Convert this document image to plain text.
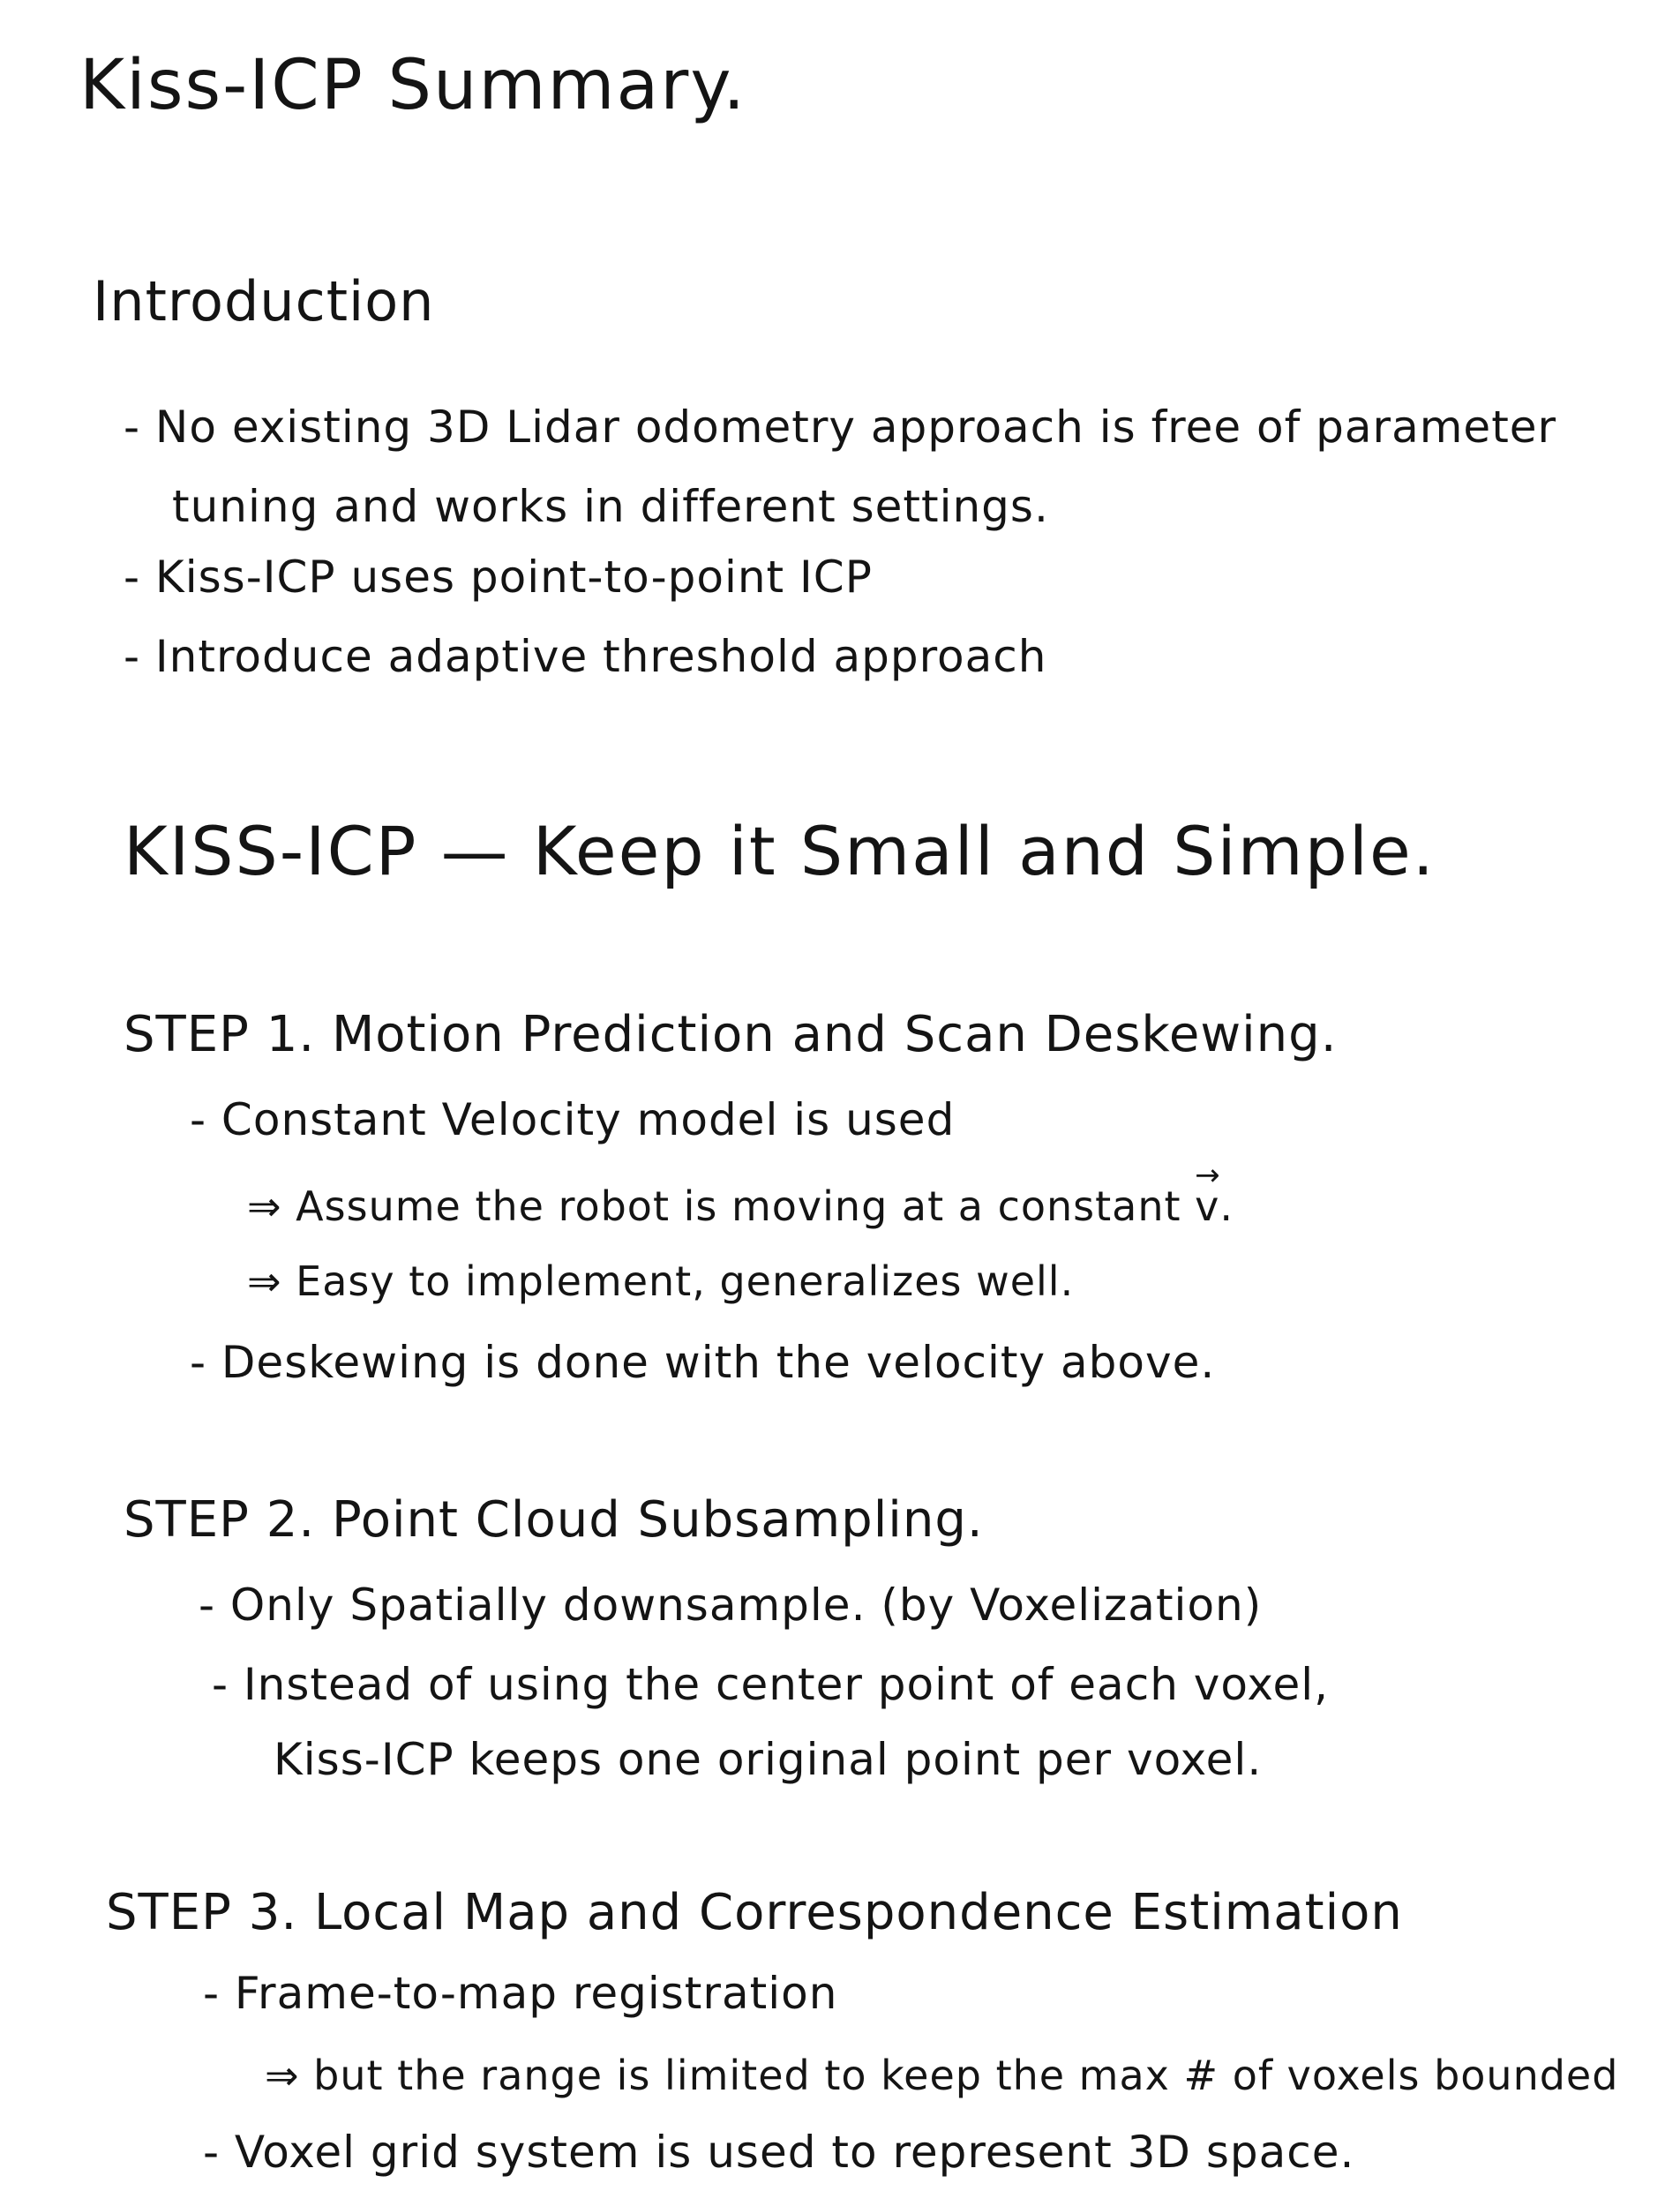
Kiss-ICP Summary.
Introduction
- No existing 3D Lidar odometry approach is free of parameter
tuning and works in different settings.
- Kiss-ICP uses point-to-point ICP
- Introduce adaptive threshold approach
KISS-ICP — Keep it Small and Simple.
STEP 1. Motion Prediction and Scan Deskewing.
- Constant Velocity model is used
⇒ Assume the robot is moving at a constant → v.
⇒ Easy to implement, generalizes well.
- Deskewing is done with the velocity above.
STEP 2. Point Cloud Subsampling.
- Only Spatially downsample. (by Voxelization)
- Instead of using the center point of each voxel,
Kiss-ICP keeps one original point per voxel.
STEP 3. Local Map and Correspondence Estimation
- Frame-to-map registration
⇒ but the range is limited to keep the max # of voxels bounded
- Voxel grid system is used to represent 3D space.
